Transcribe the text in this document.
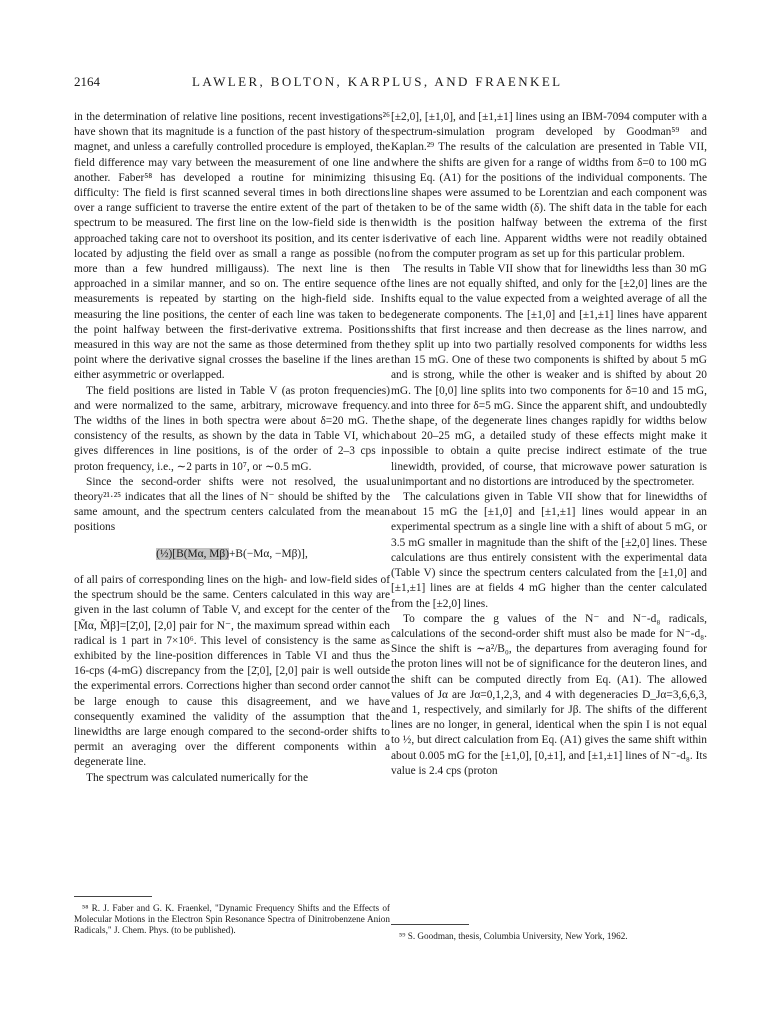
2164	LAWLER, BOLTON, KARPLUS, AND FRAENKEL

in the determination of relative line positions, recent investigations²⁶ have shown that its magnitude is a function of the past history of the magnet, and unless a carefully controlled procedure is employed, the field difference may vary between the measurement of one line and another. Faber⁵⁸ has developed a routine for minimizing this difficulty: The field is first scanned several times in both directions over a range sufficient to traverse the entire extent of the part of the spectrum to be measured. The first line on the low-field side is then approached taking care not to overshoot its position, and its center is located by adjusting the field over as small a range as possible (no more than a few hundred milligauss). The next line is then approached in a similar manner, and so on. The entire sequence of measurements is repeated by starting on the high-field side. In measuring the line positions, the center of each line was taken to be the point halfway between the first-derivative extrema. Positions measured in this way are not the same as those determined from the point where the derivative signal crosses the baseline if the lines are either asymmetric or overlapped.

The field positions are listed in Table V (as proton frequencies) and were normalized to the same, arbitrary, microwave frequency. The widths of the lines in both spectra were about δ=20 mG. The consistency of the results, as shown by the data in Table VI, which gives differences in line positions, is of the order of 2–3 cps in proton frequency, i.e., ∼2 parts in 10⁷, or ∼0.5 mG.

Since the second-order shifts were not resolved, the usual theory²¹·²⁵ indicates that all the lines of N⁻ should be shifted by the same amount, and the spectrum centers calculated from the mean positions

(½)[B(Mα, Mβ)+B(−Mα, −Mβ)],

of all pairs of corresponding lines on the high- and low-field sides of the spectrum should be the same. Centers calculated in this way are given in the last column of Table V, and except for the center of the [M̃α, M̃β]=[2̄,0], [2,0] pair for N⁻, the maximum spread within each radical is 1 part in 7×10⁶. This level of consistency is the same as exhibited by the line-position differences in Table VI and thus the 16-cps (4-mG) discrepancy from the [2̄,0], [2,0] pair is well outside the experimental errors. Corrections higher than second order cannot be large enough to cause this disagreement, and we have consequently examined the validity of the assumption that the linewidths are large enough compared to the second-order shifts to permit an averaging over the different components within a degenerate line.

The spectrum was calculated numerically for the

[±2,0], [±1,0], and [±1,±1] lines using an IBM-7094 computer with a spectrum-simulation program developed by Goodman⁵⁹ and Kaplan.²⁹ The results of the calculation are presented in Table VII, where the shifts are given for a range of widths from δ=0 to 100 mG using Eq. (A1) for the positions of the individual components. The line shapes were assumed to be Lorentzian and each component was taken to be of the same width (δ). The shift data in the table for each width is the position halfway between the extrema of the first derivative of each line. Apparent widths were not readily obtained from the computer program as set up for this particular problem.

The results in Table VII show that for linewidths less than 30 mG the lines are not equally shifted, and only for the [±2,0] lines are the shifts equal to the value expected from a weighted average of all the degenerate components. The [±1,0] and [±1,±1] lines have apparent shifts that first increase and then decrease as the lines narrow, and they split up into two partially resolved components for widths less than 15 mG. One of these two components is shifted by about 5 mG and is strong, while the other is weaker and is shifted by about 20 mG. The [0,0] line splits into two components for δ=10 and 15 mG, and into three for δ=5 mG. Since the apparent shift, and undoubtedly the shape, of the degenerate lines changes rapidly for widths below about 20–25 mG, a detailed study of these effects might make it possible to obtain a quite precise indirect estimate of the true linewidth, provided, of course, that microwave power saturation is unimportant and no distortions are introduced by the spectrometer.

The calculations given in Table VII show that for linewidths of about 15 mG the [±1,0] and [±1,±1] lines would appear in an experimental spectrum as a single line with a shift of about 5 mG, or 3.5 mG smaller in magnitude than the shift of the [±2,0] lines. These calculations are thus entirely consistent with the experimental data (Table V) since the spectrum centers calculated from the [±1,0] and [±1,±1] lines are at fields 4 mG higher than the center calculated from the [±2,0] lines.

To compare the g values of the N⁻ and N⁻-d₈ radicals, calculations of the second-order shift must also be made for N⁻-d₈. Since the shift is ∼a²/B₀, the departures from averaging found for the proton lines will not be of significance for the deuteron lines, and the shift can be computed directly from Eq. (A1). The allowed values of Jα are Jα=0,1,2,3, and 4 with degeneracies D_Jα=3,6,6,3, and 1, respectively, and similarly for Jβ. The shifts of the different lines are no longer, in general, identical when the spin I is not equal to ½, but direct calculation from Eq. (A1) gives the same shift within about 0.005 mG for the [±1,0], [0,±1], and [±1,±1] lines of N⁻-d₈. Its value is 2.4 cps (proton

⁵⁸ R. J. Faber and G. K. Fraenkel, "Dynamic Frequency Shifts and the Effects of Molecular Motions in the Electron Spin Resonance Spectra of Dinitrobenzene Anion Radicals," J. Chem. Phys. (to be published).

⁵⁹ S. Goodman, thesis, Columbia University, New York, 1962.
